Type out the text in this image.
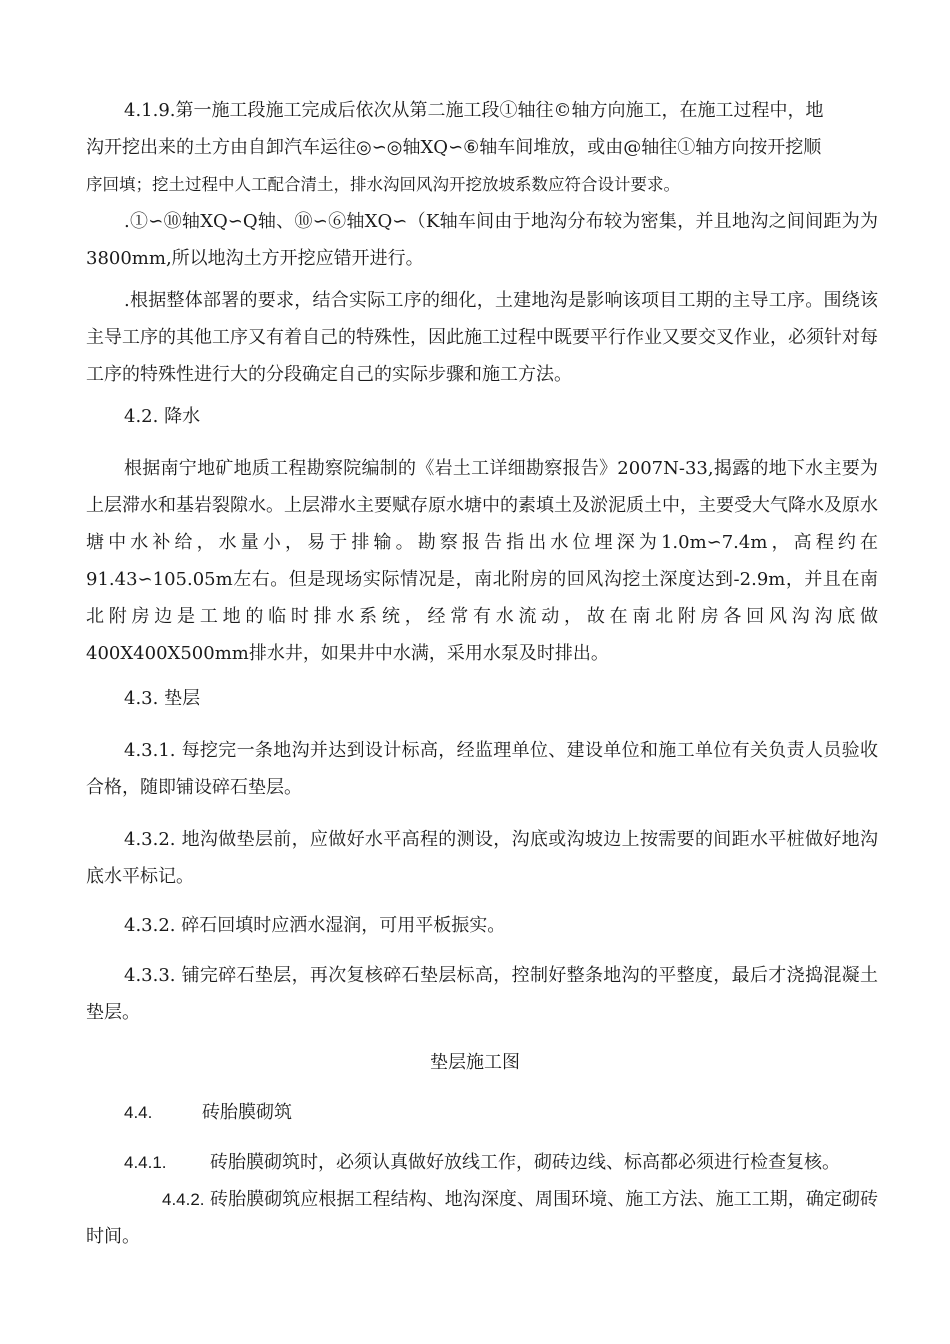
4.1.9.第一施工段施工完成后依次从第二施工段①轴往©轴方向施工，在施工过程中，地
沟开挖出来的土方由自卸汽车运往◎∽◎轴XQ∽⑥轴车间堆放，或由@轴往①轴方向按开挖顺
序回填；挖土过程中人工配合清土，排水沟回风沟开挖放坡系数应符合设计要求。

.①∽⑩轴XQ∽Q轴、⑩∽⑥轴XQ∽（K轴车间由于地沟分布较为密集，并且地沟之间间距为为3800mm,所以地沟土方开挖应错开进行。

.根据整体部署的要求，结合实际工序的细化，土建地沟是影响该项目工期的主导工序。围绕该主导工序的其他工序又有着自己的特殊性，因此施工过程中既要平行作业又要交叉作业，必须针对每工序的特殊性进行大的分段确定自己的实际步骤和施工方法。

4.2. 降水

根据南宁地矿地质工程勘察院编制的《岩土工详细勘察报告》2007N-33,揭露的地下水主要为上层滞水和基岩裂隙水。上层滞水主要赋存原水塘中的素填土及淤泥质土中，主要受大气降水及原水塘中水补给，水量小，易于排输。勘察报告指出水位埋深为1.0m∽7.4m，高程约在91.43∽105.05m左右。但是现场实际情况是，南北附房的回风沟挖土深度达到-2.9m，并且在南北附房边是工地的临时排水系统，经常有水流动，故在南北附房各回风沟沟底做400X400X500mm排水井，如果井中水满，采用水泵及时排出。

4.3. 垫层

4.3.1. 每挖完一条地沟并达到设计标高，经监理单位、建设单位和施工单位有关负责人员验收合格，随即铺设碎石垫层。

4.3.2. 地沟做垫层前，应做好水平高程的测设，沟底或沟坡边上按需要的间距水平桩做好地沟底水平标记。

4.3.2. 碎石回填时应洒水湿润，可用平板振实。

4.3.3. 铺完碎石垫层，再次复核碎石垫层标高，控制好整条地沟的平整度，最后才浇捣混凝土垫层。

垫层施工图

4.4.	砖胎膜砌筑

4.4.1. 砖胎膜砌筑时，必须认真做好放线工作，砌砖边线、标高都必须进行检查复核。

4.4.2. 砖胎膜砌筑应根据工程结构、地沟深度、周围环境、施工方法、施工工期，确定砌砖时间。
